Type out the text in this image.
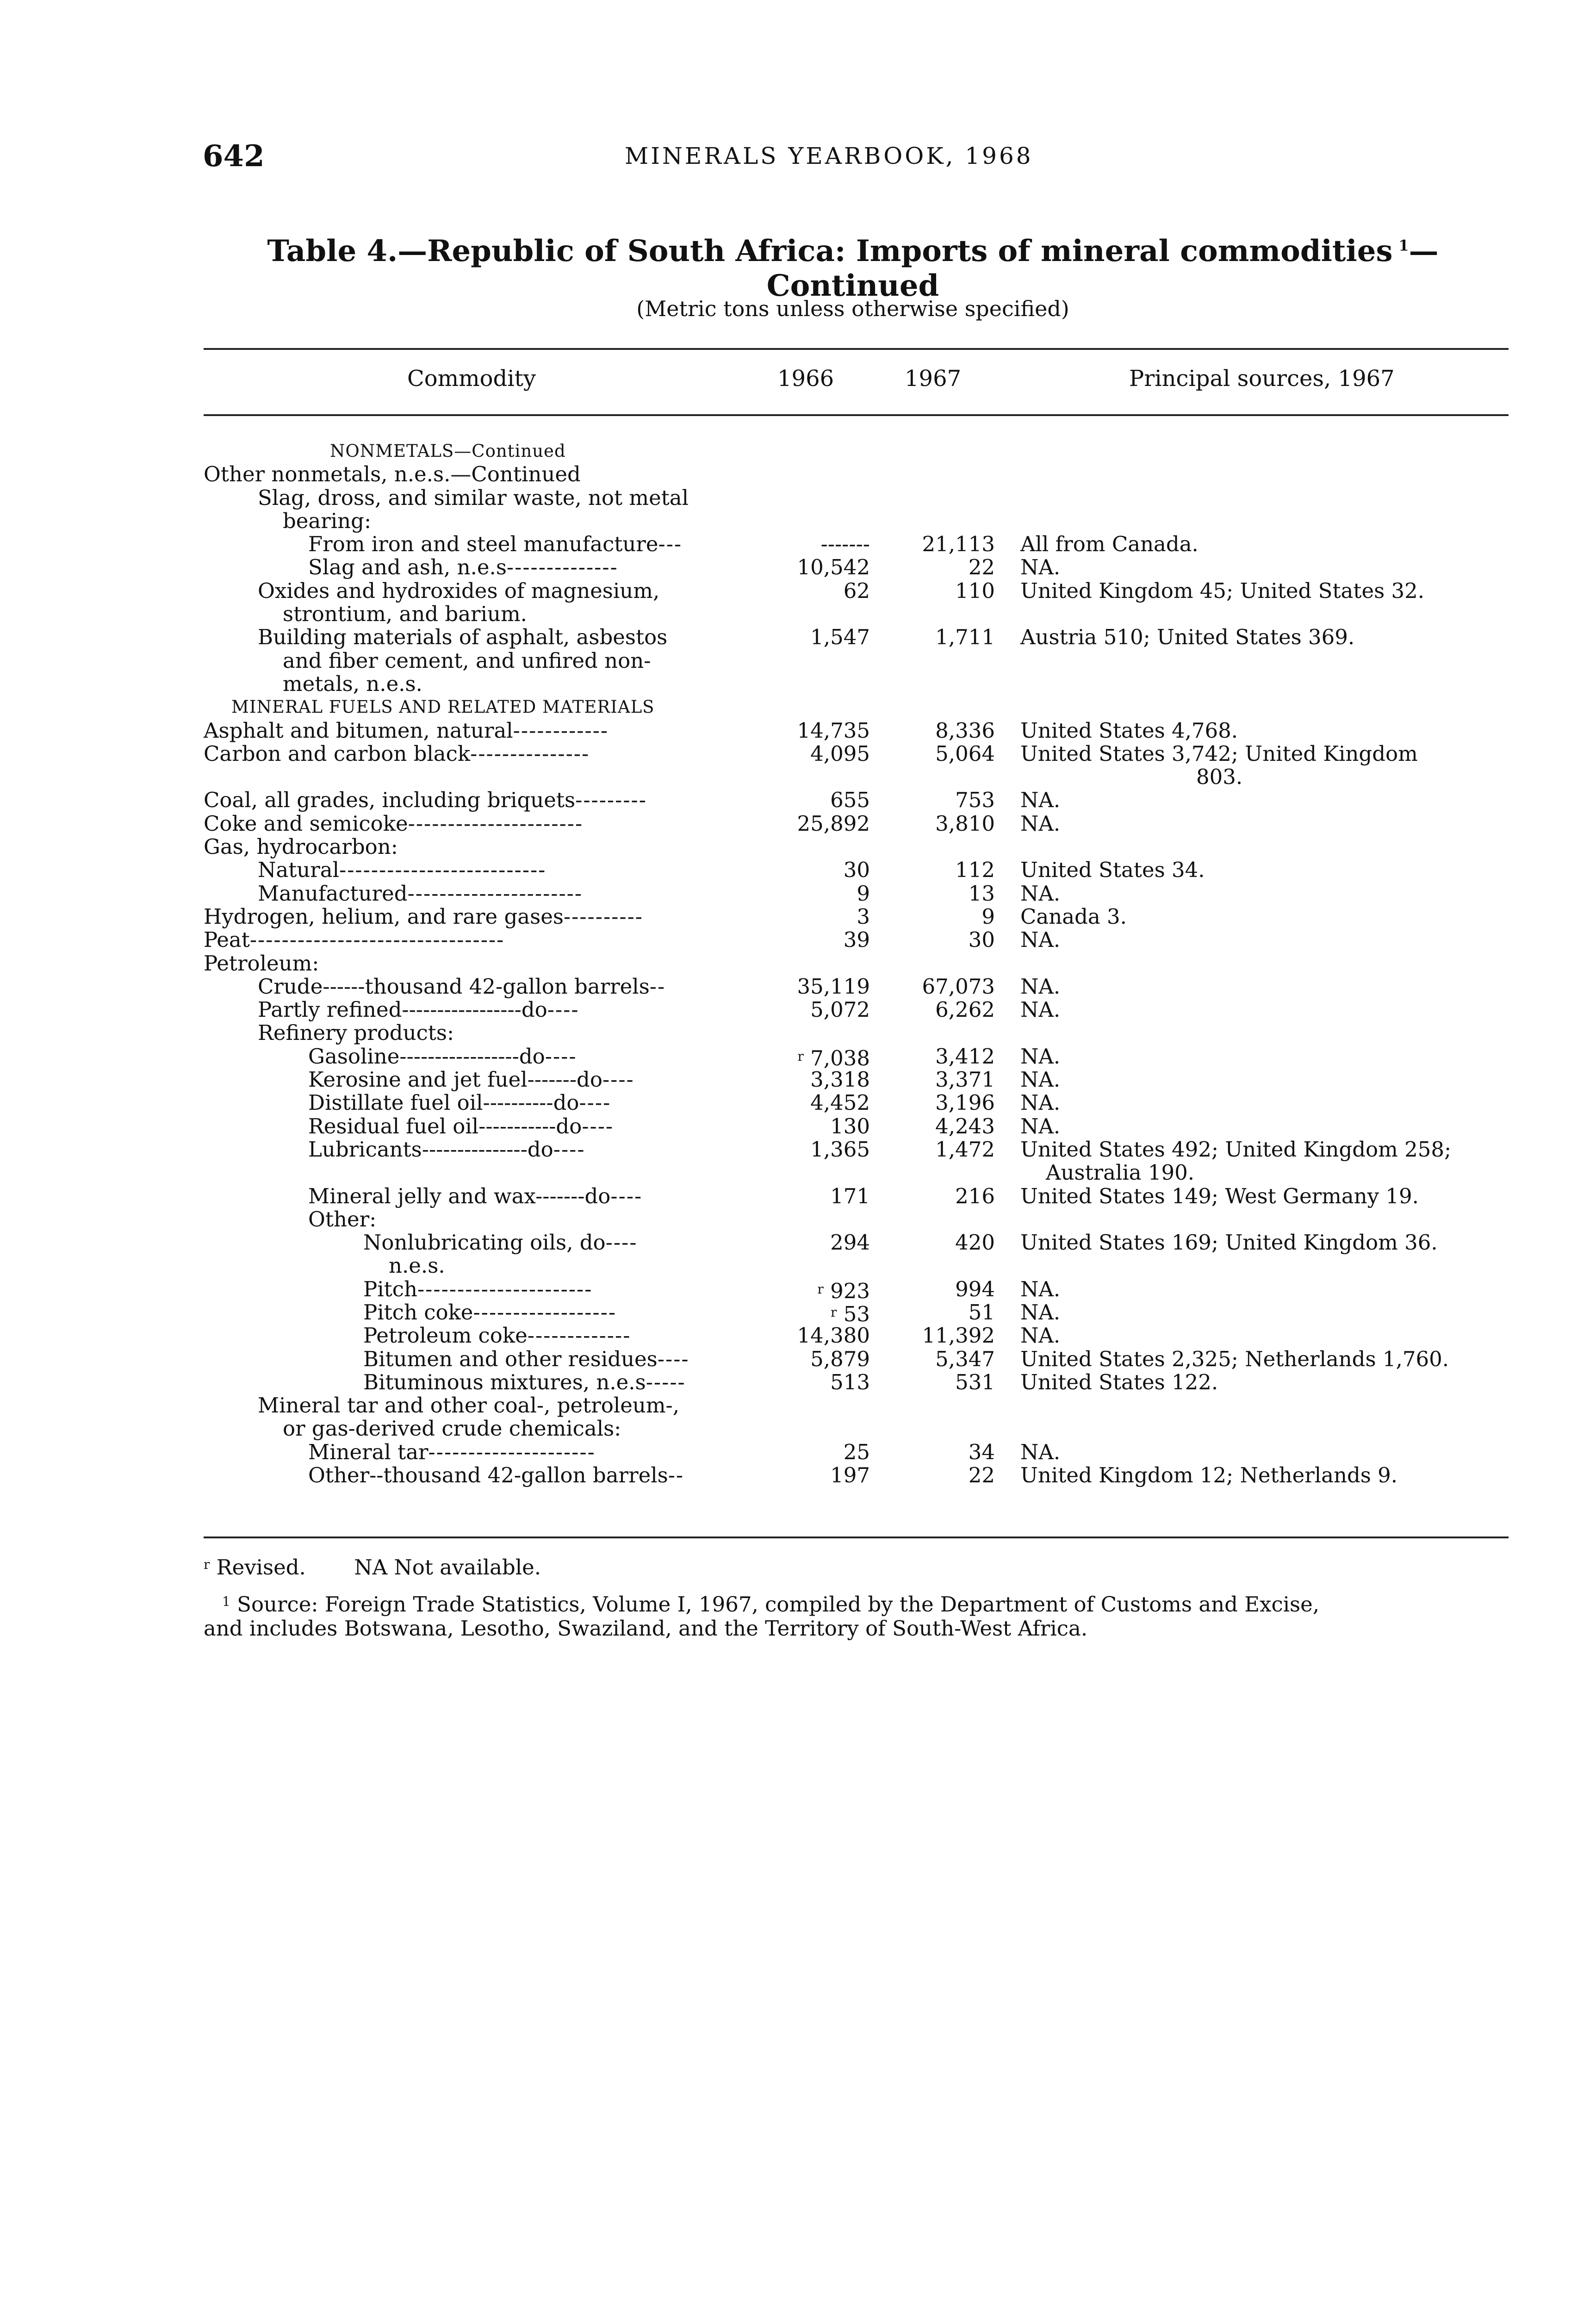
642	MINERALS YEARBOOK, 1968
Table 4.—Republic of South Africa: Imports of mineral commodities  $^1$—Continued
(Metric tons unless otherwise specified)
Commodity	1966	1967	Principal sources, 1967
NONMETALS—Continued
Other nonmetals, n.e.s.—Continued
Slag, dross, and similar waste, not metal
bearing:
From iron and steel manufacture---	-------	21,113 All from Canada.
Slag and ash, n.e.s--------------	10,542	22 NA.
Oxides and hydroxides of magnesium,	62	110 United Kingdom 45; United States 32.
strontium, and barium.
Building materials of asphalt, asbestos	1,547	1,711 Austria 510; United States 369.
and fiber cement, and unfired non-
metals, n.e.s.
MINERAL FUELS AND RELATED MATERIALS
Asphalt and bitumen, natural------------	14,735	8,336 United States 4,768.
Carbon and carbon black---------------	4,095	5,064 United States 3,742; United Kingdom
803.
Coal, all grades, including briquets---------	655	753 NA.
Coke and semicoke----------------------	25,892	3,810 NA.
Gas, hydrocarbon:
Natural--------------------------	30	112 United States 34.
Manufactured----------------------	9	13 NA.
Hydrogen, helium, and rare gases----------	3	9 Canada 3.
Peat--------------------------------	39	30 NA.
Petroleum:
Crude------thousand 42-gallon barrels--	35,119	67,073 NA.
Partly refined-----------------do----	5,072	6,262 NA.
Refinery products:
Gasoline-----------------do----	$^r$ 7,038	3,412 NA.
Kerosine and jet fuel-------do----	3,318	3,371 NA.
Distillate fuel oil----------do----	4,452	3,196 NA.
Residual fuel oil-----------do----	130	4,243 NA.
Lubricants---------------do----	1,365	1,472 United States 492; United Kingdom 258;
Australia 190.
Mineral jelly and wax-------do----	171	216 United States 149; West Germany 19.
Other:
Nonlubricating oils, do----	294	420 United States 169; United Kingdom 36.
n.e.s.
Pitch----------------------	$^r$ 923	994 NA.
Pitch coke------------------	$^r$ 53	51 NA.
Petroleum coke-------------	14,380	11,392 NA.
Bitumen and other residues----	5,879	5,347 United States 2,325; Netherlands 1,760.
Bituminous mixtures, n.e.s-----	513	531 United States 122.
Mineral tar and other coal-, petroleum-,
or gas-derived crude chemicals:
Mineral tar---------------------	25	34 NA.
Other--thousand 42-gallon barrels--	197	22 United Kingdom 12; Netherlands 9.
$^r$ Revised. NA Not available.
$^1$ Source: Foreign Trade Statistics, Volume I, 1967, compiled by the Department of Customs and Excise,
and includes Botswana, Lesotho, Swaziland, and the Territory of South-West Africa.
